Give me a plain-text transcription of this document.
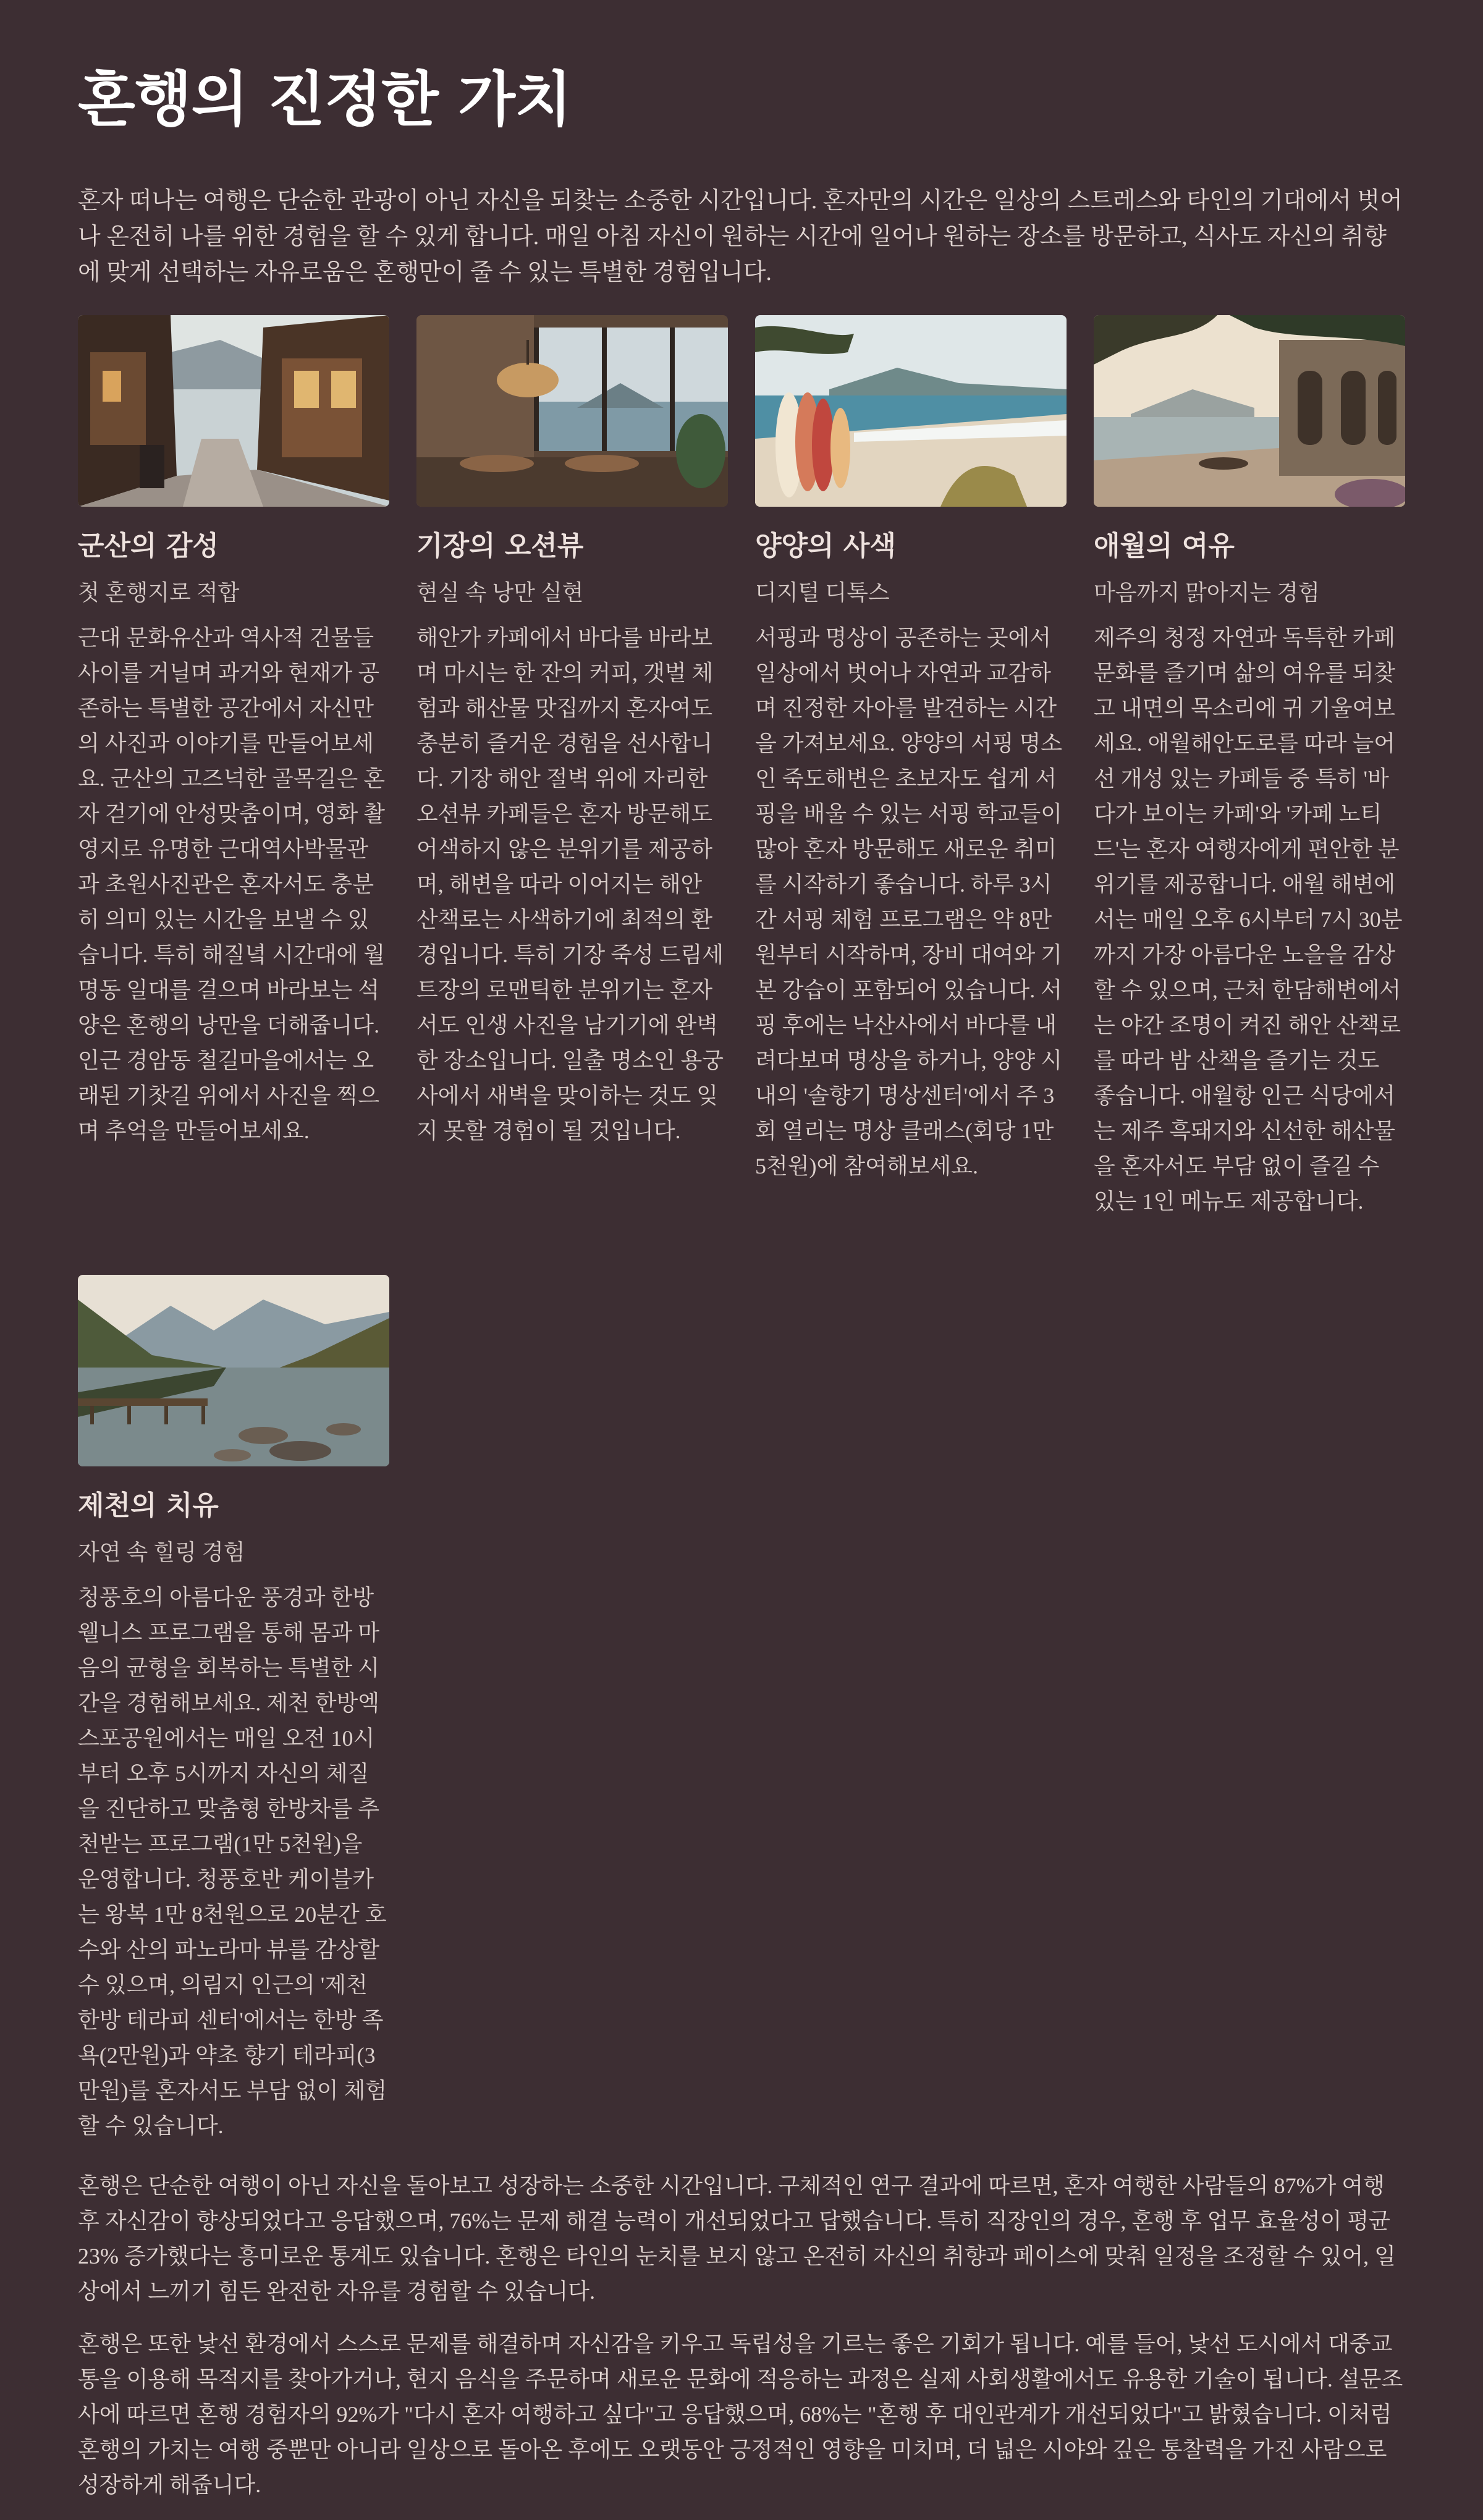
혼행의 진정한 가치

혼자 떠나는 여행은 단순한 관광이 아닌 자신을 되찾는 소중한 시간입니다. 혼자만의 시간은 일상의 스트레스와 타인의 기대에서 벗어나 온전히 나를 위한 경험을 할 수 있게 합니다. 매일 아침 자신이 원하는 시간에 일어나 원하는 장소를 방문하고, 식사도 자신의 취향에 맞게 선택하는 자유로움은 혼행만이 줄 수 있는 특별한 경험입니다.

군산의 감성

첫 혼행지로 적합

근대 문화유산과 역사적 건물들 사이를 거닐며 과거와 현재가 공존하는 특별한 공간에서 자신만의 사진과 이야기를 만들어보세요. 군산의 고즈넉한 골목길은 혼자 걷기에 안성맞춤이며, 영화 촬영지로 유명한 근대역사박물관과 초원사진관은 혼자서도 충분히 의미 있는 시간을 보낼 수 있습니다. 특히 해질녘 시간대에 월명동 일대를 걸으며 바라보는 석양은 혼행의 낭만을 더해줍니다. 인근 경암동 철길마을에서는 오래된 기찻길 위에서 사진을 찍으며 추억을 만들어보세요.

기장의 오션뷰

현실 속 낭만 실현

해안가 카페에서 바다를 바라보며 마시는 한 잔의 커피, 갯벌 체험과 해산물 맛집까지 혼자여도 충분히 즐거운 경험을 선사합니다. 기장 해안 절벽 위에 자리한 오션뷰 카페들은 혼자 방문해도 어색하지 않은 분위기를 제공하며, 해변을 따라 이어지는 해안 산책로는 사색하기에 최적의 환경입니다. 특히 기장 죽성 드림세트장의 로맨틱한 분위기는 혼자서도 인생 사진을 남기기에 완벽한 장소입니다. 일출 명소인 용궁사에서 새벽을 맞이하는 것도 잊지 못할 경험이 될 것입니다.

양양의 사색

디지털 디톡스

서핑과 명상이 공존하는 곳에서 일상에서 벗어나 자연과 교감하며 진정한 자아를 발견하는 시간을 가져보세요. 양양의 서핑 명소인 죽도해변은 초보자도 쉽게 서핑을 배울 수 있는 서핑 학교들이 많아 혼자 방문해도 새로운 취미를 시작하기 좋습니다. 하루 3시간 서핑 체험 프로그램은 약 8만원부터 시작하며, 장비 대여와 기본 강습이 포함되어 있습니다. 서핑 후에는 낙산사에서 바다를 내려다보며 명상을 하거나, 양양 시내의 '솔향기 명상센터'에서 주 3회 열리는 명상 클래스(회당 1만 5천원)에 참여해보세요.

애월의 여유

마음까지 맑아지는 경험

제주의 청정 자연과 독특한 카페 문화를 즐기며 삶의 여유를 되찾고 내면의 목소리에 귀 기울여보세요. 애월해안도로를 따라 늘어선 개성 있는 카페들 중 특히 '바다가 보이는 카페'와 '카페 노티드'는 혼자 여행자에게 편안한 분위기를 제공합니다. 애월 해변에서는 매일 오후 6시부터 7시 30분까지 가장 아름다운 노을을 감상할 수 있으며, 근처 한담해변에서는 야간 조명이 켜진 해안 산책로를 따라 밤 산책을 즐기는 것도 좋습니다. 애월항 인근 식당에서는 제주 흑돼지와 신선한 해산물을 혼자서도 부담 없이 즐길 수 있는 1인 메뉴도 제공합니다.

제천의 치유

자연 속 힐링 경험

청풍호의 아름다운 풍경과 한방 웰니스 프로그램을 통해 몸과 마음의 균형을 회복하는 특별한 시간을 경험해보세요. 제천 한방엑스포공원에서는 매일 오전 10시부터 오후 5시까지 자신의 체질을 진단하고 맞춤형 한방차를 추천받는 프로그램(1만 5천원)을 운영합니다. 청풍호반 케이블카는 왕복 1만 8천원으로 20분간 호수와 산의 파노라마 뷰를 감상할 수 있으며, 의림지 인근의 '제천 한방 테라피 센터'에서는 한방 족욕(2만원)과 약초 향기 테라피(3만원)를 혼자서도 부담 없이 체험할 수 있습니다.

혼행은 단순한 여행이 아닌 자신을 돌아보고 성장하는 소중한 시간입니다. 구체적인 연구 결과에 따르면, 혼자 여행한 사람들의 87%가 여행 후 자신감이 향상되었다고 응답했으며, 76%는 문제 해결 능력이 개선되었다고 답했습니다. 특히 직장인의 경우, 혼행 후 업무 효율성이 평균 23% 증가했다는 흥미로운 통계도 있습니다. 혼행은 타인의 눈치를 보지 않고 온전히 자신의 취향과 페이스에 맞춰 일정을 조정할 수 있어, 일상에서 느끼기 힘든 완전한 자유를 경험할 수 있습니다.

혼행은 또한 낯선 환경에서 스스로 문제를 해결하며 자신감을 키우고 독립성을 기르는 좋은 기회가 됩니다. 예를 들어, 낯선 도시에서 대중교통을 이용해 목적지를 찾아가거나, 현지 음식을 주문하며 새로운 문화에 적응하는 과정은 실제 사회생활에서도 유용한 기술이 됩니다. 설문조사에 따르면 혼행 경험자의 92%가 "다시 혼자 여행하고 싶다"고 응답했으며, 68%는 "혼행 후 대인관계가 개선되었다"고 밝혔습니다. 이처럼 혼행의 가치는 여행 중뿐만 아니라 일상으로 돌아온 후에도 오랫동안 긍정적인 영향을 미치며, 더 넓은 시야와 깊은 통찰력을 가진 사람으로 성장하게 해줍니다.
